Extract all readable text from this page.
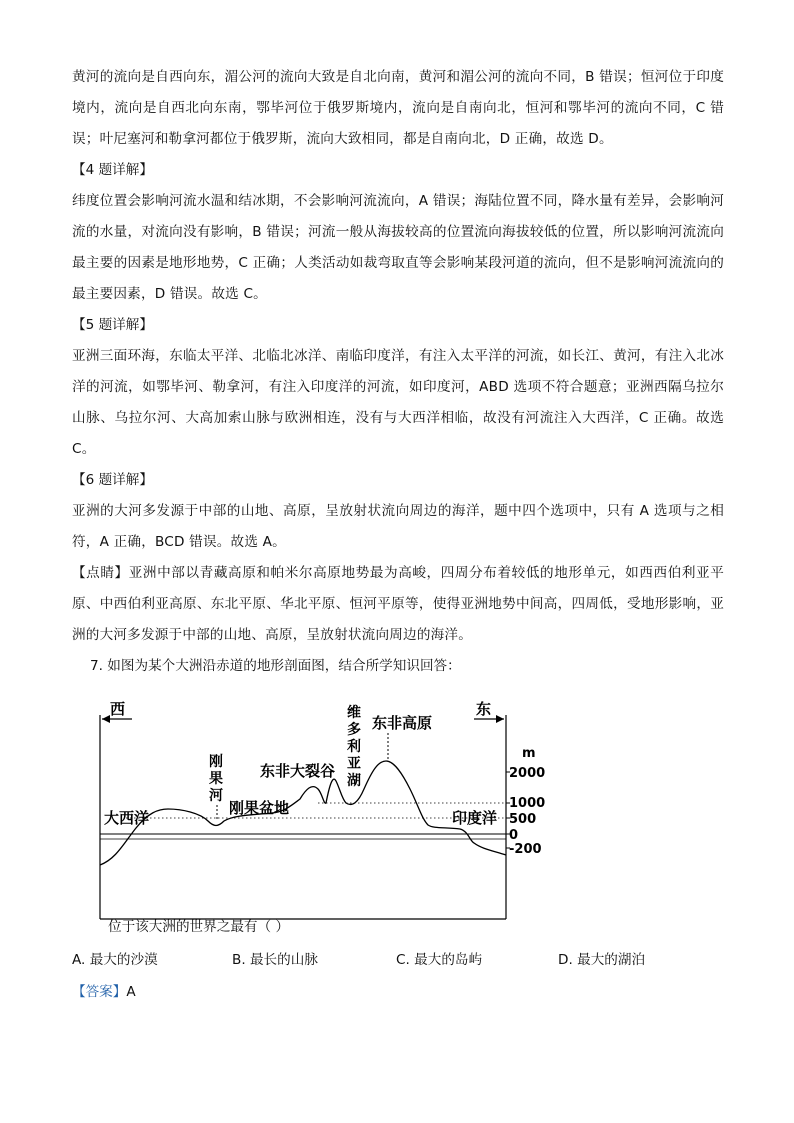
黄河的流向是自西向东，湄公河的流向大致是自北向南，黄河和湄公河的流向不同，B 错误；恒河位于印度境内，流向是自西北向东南，鄂毕河位于俄罗斯境内，流向是自南向北，恒河和鄂毕河的流向不同，C 错误；叶尼塞河和勒拿河都位于俄罗斯，流向大致相同，都是自南向北，D 正确，故选 D。

【4 题详解】

纬度位置会影响河流水温和结冰期，不会影响河流流向，A 错误；海陆位置不同，降水量有差异，会影响河流的水量，对流向没有影响，B 错误；河流一般从海拔较高的位置流向海拔较低的位置，所以影响河流流向最主要的因素是地形地势，C 正确；人类活动如裁弯取直等会影响某段河道的流向，但不是影响河流流向的最主要因素，D 错误。故选 C。

【5 题详解】

亚洲三面环海，东临太平洋、北临北冰洋、南临印度洋，有注入太平洋的河流，如长江、黄河，有注入北冰洋的河流，如鄂毕河、勒拿河，有注入印度洋的河流，如印度河，ABD 选项不符合题意；亚洲西隔乌拉尔山脉、乌拉尔河、大高加索山脉与欧洲相连，没有与大西洋相临，故没有河流注入大西洋，C 正确。故选 C。

【6 题详解】

亚洲的大河多发源于中部的山地、高原，呈放射状流向周边的海洋，题中四个选项中，只有 A 选项与之相符，A 正确，BCD 错误。故选 A。

【点睛】亚洲中部以青藏高原和帕米尔高原地势最为高峻，四周分布着较低的地形单元，如西西伯利亚平原、中西伯利亚高原、东北平原、华北平原、恒河平原等，使得亚洲地势中间高，四周低，受地形影响，亚洲的大河多发源于中部的山地、高原，呈放射状流向周边的海洋。

7. 如图为某个大洲沿赤道的地形剖面图，结合所学知识回答：

西	东
m
2000
1000
500
0
-200
大西洋
刚
果
河
刚果盆地
东非大裂谷
维
多
利
亚
湖
东非高原
印度洋
位于该大洲的世界之最有（ ）
A. 最大的沙漠	B. 最长的山脉	C. 最大的岛屿	D. 最大的湖泊
【答案】A
